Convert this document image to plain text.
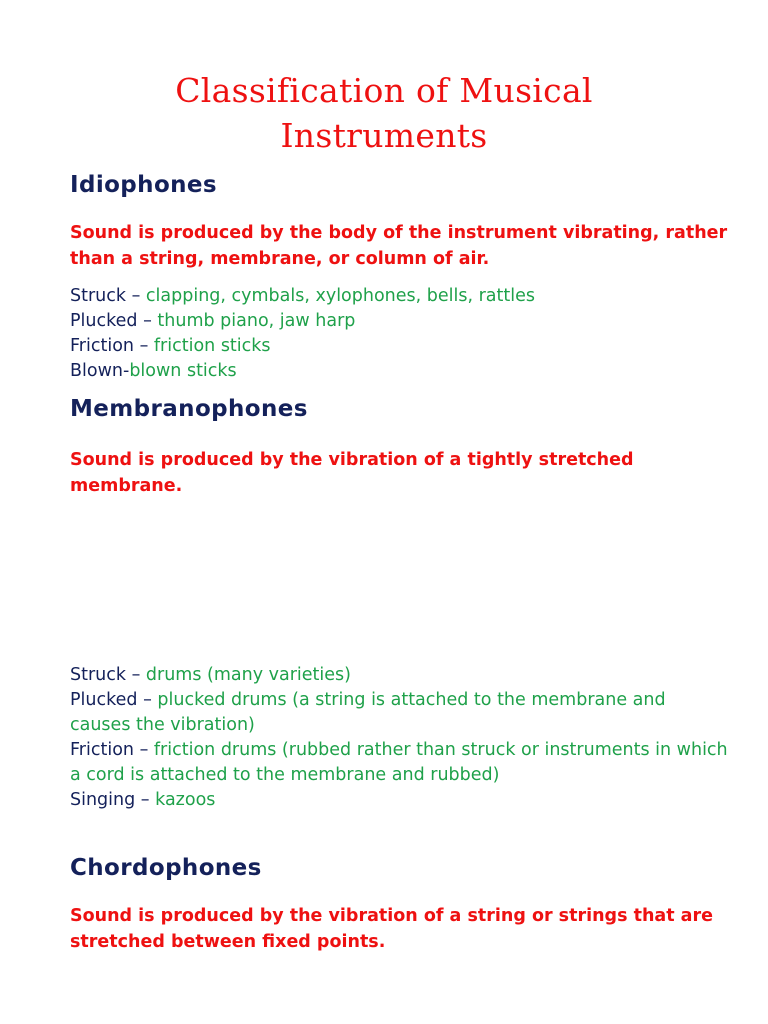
Classification of Musical
Instruments
Idiophones
Sound is produced by the body of the instrument vibrating, rather than a string, membrane, or column of air.
Struck – clapping, cymbals, xylophones, bells, rattles
Plucked – thumb piano, jaw harp
Friction – friction sticks
Blown-blown sticks
Membranophones
Sound is produced by the vibration of a tightly stretched membrane.
Struck – drums (many varieties)
Plucked – plucked drums (a string is attached to the membrane and causes the vibration)
Friction – friction drums (rubbed rather than struck or instruments in which a cord is attached to the membrane and rubbed)
Singing – kazoos
Chordophones
Sound is produced by the vibration of a string or strings that are stretched between fixed points.
